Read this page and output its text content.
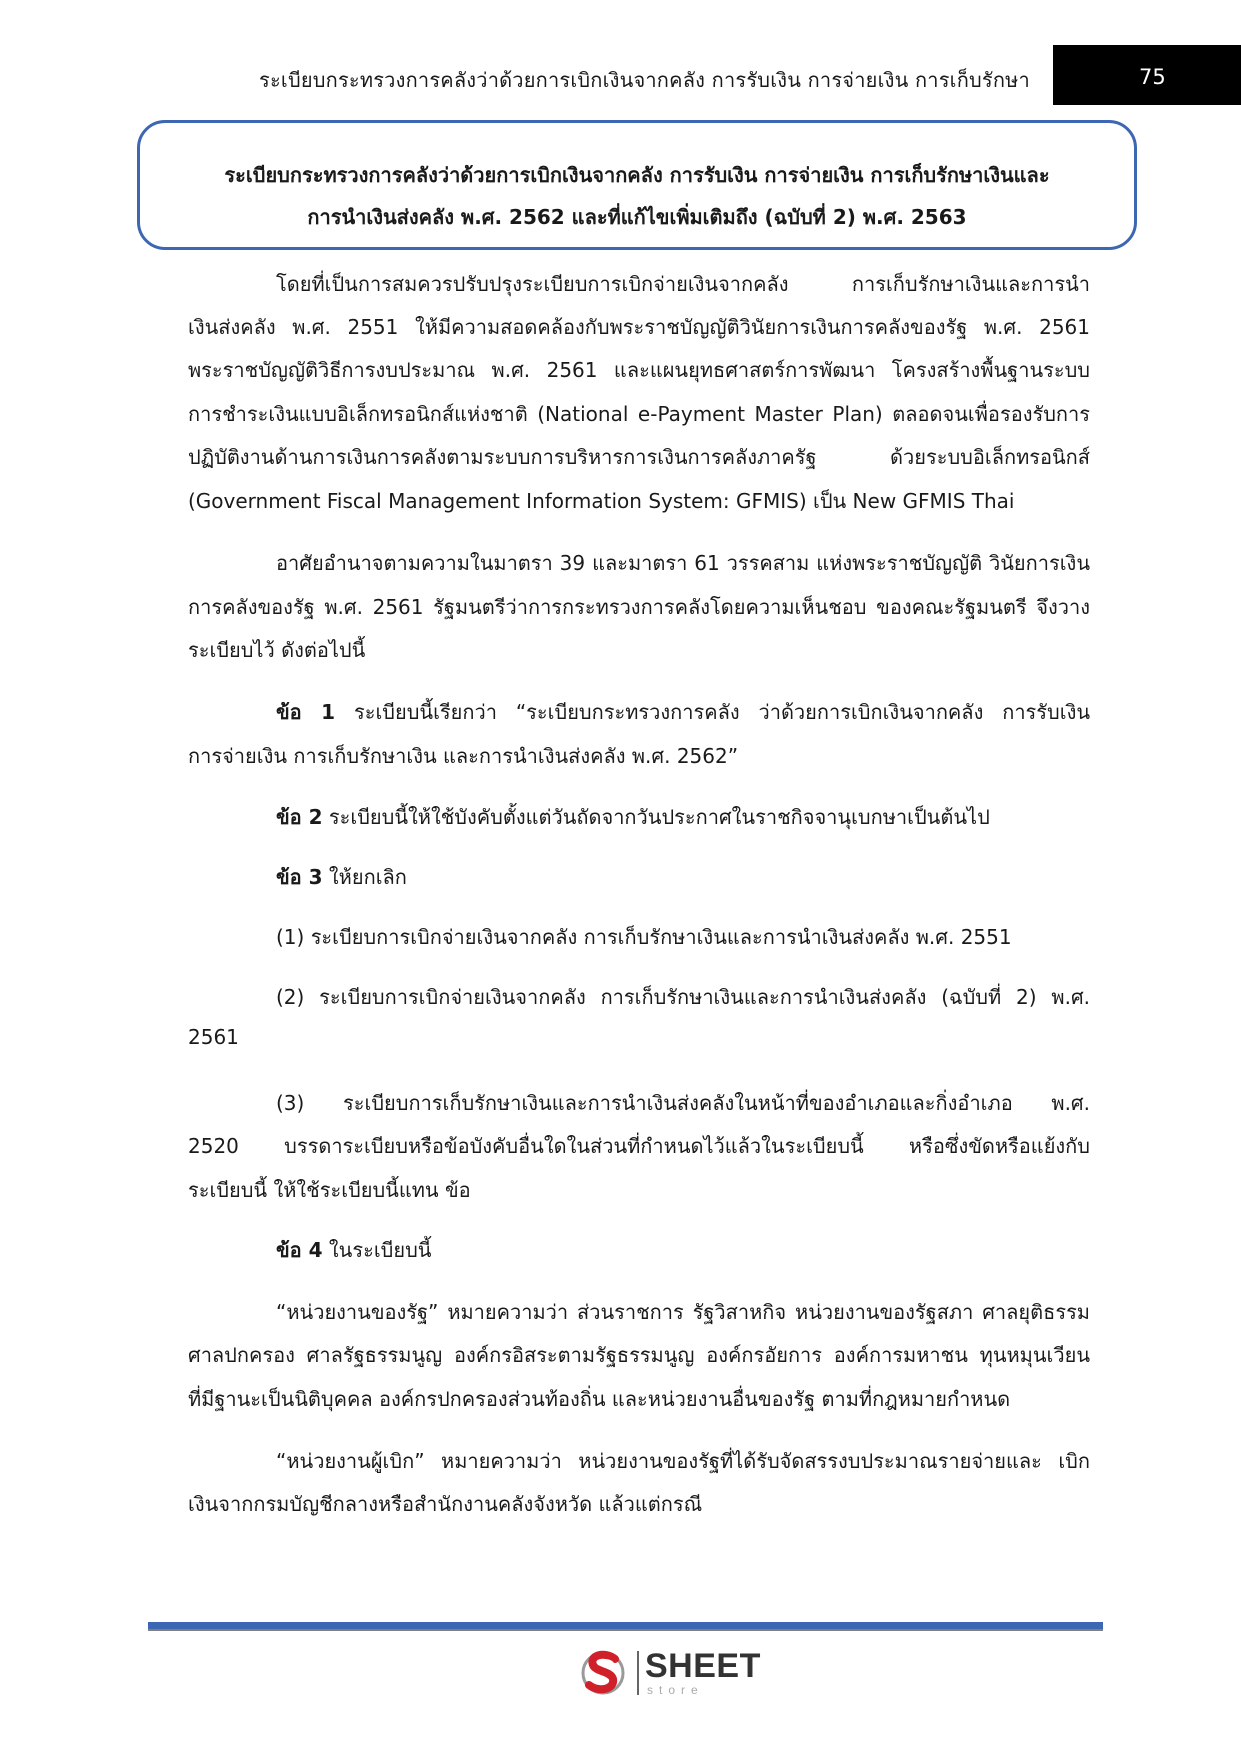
ระเบียบกระทรวงการคลังว่าด้วยการเบิกเงินจากคลัง การรับเงิน การจ่ายเงิน การเก็บรักษา	75
ระเบียบกระทรวงการคลังว่าด้วยการเบิกเงินจากคลัง การรับเงิน การจ่ายเงิน การเก็บรักษาเงินและ
การนำเงินส่งคลัง พ.ศ. 2562 และที่แก้ไขเพิ่มเติมถึง (ฉบับที่ 2) พ.ศ. 2563
โดยที่เป็นการสมควรปรับปรุงระเบียบการเบิกจ่ายเงินจากคลัง การเก็บรักษาเงินและการนำ
เงินส่งคลัง พ.ศ. 2551 ให้มีความสอดคล้องกับพระราชบัญญัติวินัยการเงินการคลังของรัฐ พ.ศ. 2561
พระราชบัญญัติวิธีการงบประมาณ พ.ศ. 2561 และแผนยุทธศาสตร์การพัฒนา โครงสร้างพื้นฐานระบบ
การชำระเงินแบบอิเล็กทรอนิกส์แห่งชาติ (National e-Payment Master Plan) ตลอดจนเพื่อรองรับการ
ปฏิบัติงานด้านการเงินการคลังตามระบบการบริหารการเงินการคลังภาครัฐ ด้วยระบบอิเล็กทรอนิกส์
(Government Fiscal Management Information System: GFMIS) เป็น New GFMIS Thai
อาศัยอำนาจตามความในมาตรา 39 และมาตรา 61 วรรคสาม แห่งพระราชบัญญัติ วินัยการเงิน
การคลังของรัฐ พ.ศ. 2561 รัฐมนตรีว่าการกระทรวงการคลังโดยความเห็นชอบ ของคณะรัฐมนตรี จึงวาง
ระเบียบไว้ ดังต่อไปนี้
ข้อ 1 ระเบียบนี้เรียกว่า “ระเบียบกระทรวงการคลัง ว่าด้วยการเบิกเงินจากคลัง การรับเงิน
การจ่ายเงิน การเก็บรักษาเงิน และการนำเงินส่งคลัง พ.ศ. 2562”
ข้อ 2 ระเบียบนี้ให้ใช้บังคับตั้งแต่วันถัดจากวันประกาศในราชกิจจานุเบกษาเป็นต้นไป
ข้อ 3 ให้ยกเลิก
(1) ระเบียบการเบิกจ่ายเงินจากคลัง การเก็บรักษาเงินและการนำเงินส่งคลัง พ.ศ. 2551
(2) ระเบียบการเบิกจ่ายเงินจากคลัง การเก็บรักษาเงินและการนำเงินส่งคลัง (ฉบับที่ 2) พ.ศ.
2561
(3) ระเบียบการเก็บรักษาเงินและการนำเงินส่งคลังในหน้าที่ของอำเภอและกิ่งอำเภอ พ.ศ.
2520 บรรดาระเบียบหรือข้อบังคับอื่นใดในส่วนที่กำหนดไว้แล้วในระเบียบนี้ หรือซึ่งขัดหรือแย้งกับ
ระเบียบนี้ ให้ใช้ระเบียบนี้แทน ข้อ
ข้อ 4 ในระเบียบนี้
“หน่วยงานของรัฐ” หมายความว่า ส่วนราชการ รัฐวิสาหกิจ หน่วยงานของรัฐสภา ศาลยุติธรรม
ศาลปกครอง ศาลรัฐธรรมนูญ องค์กรอิสระตามรัฐธรรมนูญ องค์กรอัยการ องค์การมหาชน ทุนหมุนเวียน
ที่มีฐานะเป็นนิติบุคคล องค์กรปกครองส่วนท้องถิ่น และหน่วยงานอื่นของรัฐ ตามที่กฎหมายกำหนด
“หน่วยงานผู้เบิก” หมายความว่า หน่วยงานของรัฐที่ได้รับจัดสรรงบประมาณรายจ่ายและ เบิก
เงินจากกรมบัญชีกลางหรือสำนักงานคลังจังหวัด แล้วแต่กรณี
SHEET
store
